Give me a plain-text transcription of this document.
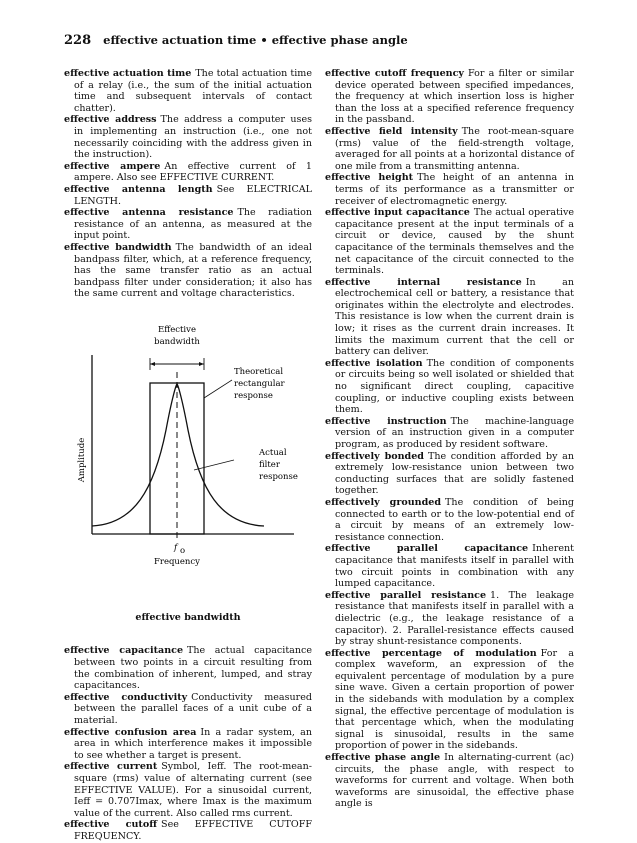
228 effective actuation time • effective phase angle

effective actuation time The total actuation time of a relay (i.e., the sum of the initial actuation time and subsequent intervals of contact chatter).

effective address The address a computer uses in implementing an instruction (i.e., one not necessarily coinciding with the address given in the instruction).

effective ampere An effective current of 1 ampere. Also see EFFECTIVE CURRENT.

effective antenna length See ELECTRICAL LENGTH.

effective antenna resistance The radiation resistance of an antenna, as measured at the input point.

effective bandwidth The bandwidth of an ideal bandpass filter, which, at a reference frequency, has the same transfer ratio as an actual bandpass filter under consideration; it also has the same current and voltage characteristics.

Effective
bandwidth
Theoretical
rectangular
response
Actual
filter
response
Amplitude
f o
Frequency
effective bandwidth

effective capacitance The actual capacitance between two points in a circuit resulting from the combination of inherent, lumped, and stray capacitances.

effective conductivity Conductivity measured between the parallel faces of a unit cube of a material.

effective confusion area In a radar system, an area in which interference makes it impossible to see whether a target is present.

effective current Symbol, Ieff. The root-mean-square (rms) value of alternating current (see EFFECTIVE VALUE). For a sinusoidal current, Ieff = 0.707Imax, where Imax is the maximum value of the current. Also called rms current.

effective cutoff See EFFECTIVE CUTOFF FREQUENCY.

effective cutoff frequency For a filter or similar device operated between specified impedances, the frequency at which insertion loss is higher than the loss at a specified reference frequency in the passband.

effective field intensity The root-mean-square (rms) value of the field-strength voltage, averaged for all points at a horizontal distance of one mile from a transmitting antenna.

effective height The height of an antenna in terms of its performance as a transmitter or receiver of electromagnetic energy.

effective input capacitance The actual operative capacitance present at the input terminals of a circuit or device, caused by the shunt capacitance of the terminals themselves and the net capacitance of the circuit connected to the terminals.

effective internal resistance In an electrochemical cell or battery, a resistance that originates within the electrolyte and electrodes. This resistance is low when the current drain is low; it rises as the current drain increases. It limits the maximum current that the cell or battery can deliver.

effective isolation The condition of components or circuits being so well isolated or shielded that no significant direct coupling, capacitive coupling, or inductive coupling exists between them.

effective instruction The machine-language version of an instruction given in a computer program, as produced by resident software.

effectively bonded The condition afforded by an extremely low-resistance union between two conducting surfaces that are solidly fastened together.

effectively grounded The condition of being connected to earth or to the low-potential end of a circuit by means of an extremely low-resistance connection.

effective parallel capacitance Inherent capacitance that manifests itself in parallel with two circuit points in combination with any lumped capacitance.

effective parallel resistance 1. The leakage resistance that manifests itself in parallel with a dielectric (e.g., the leakage resistance of a capacitor). 2. Parallel-resistance effects caused by stray shunt-resistance components.

effective percentage of modulation For a complex waveform, an expression of the equivalent percentage of modulation by a pure sine wave. Given a certain proportion of power in the sidebands with modulation by a complex signal, the effective percentage of modulation is that percentage which, when the modulating signal is sinusoidal, results in the same proportion of power in the sidebands.

effective phase angle In alternating-current (ac) circuits, the phase angle, with respect to waveforms for current and voltage. When both waveforms are sinusoidal, the effective phase angle is
